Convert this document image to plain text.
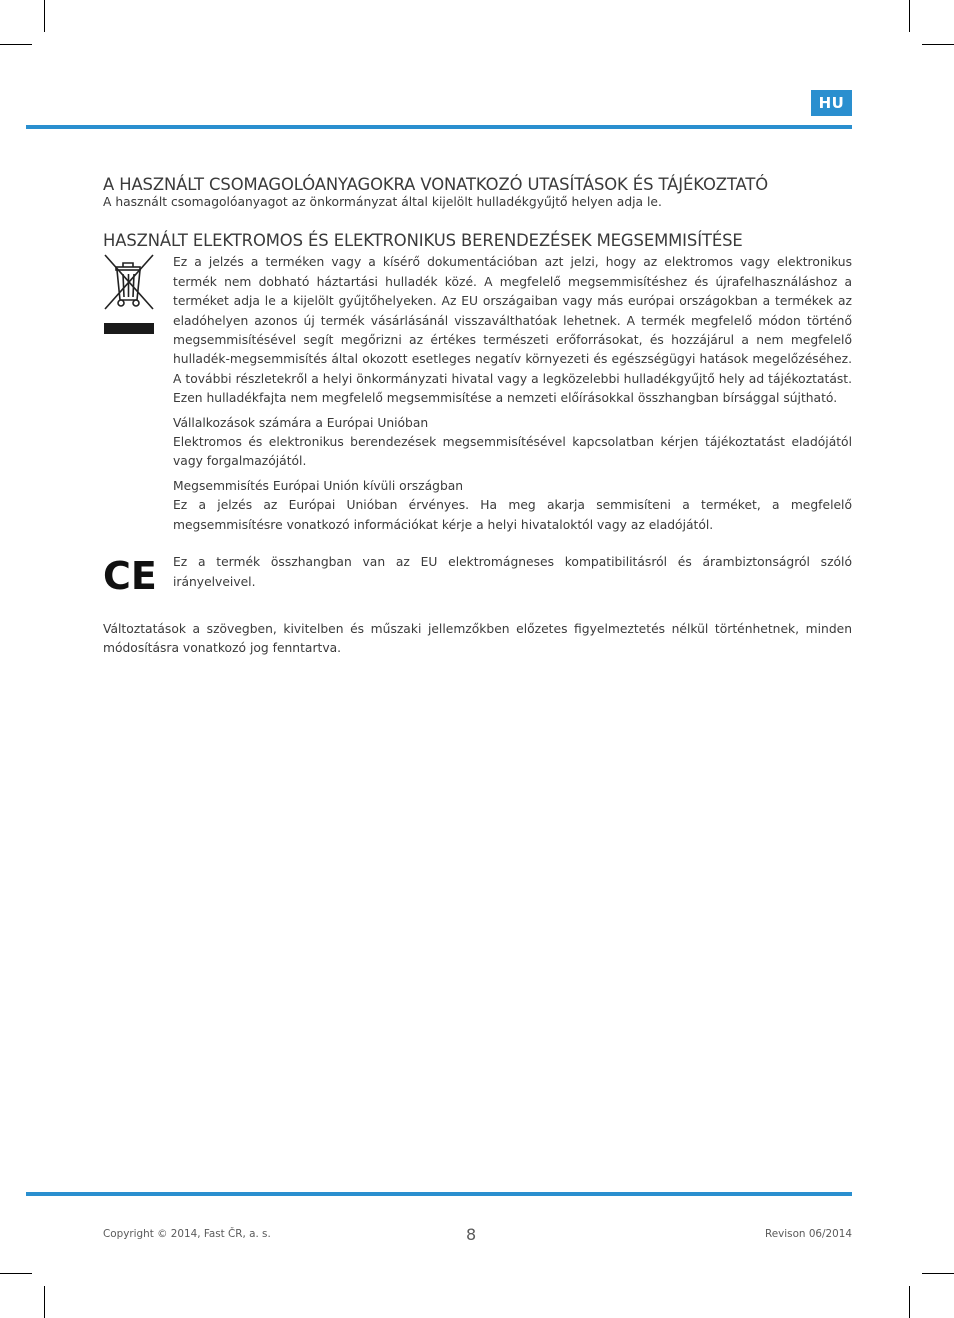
HU
A HASZNÁLT CSOMAGOLÓANYAGOKRA VONATKOZÓ UTASÍTÁSOK ÉS TÁJÉKOZTATÓ

A használt csomagolóanyagot az önkormányzat által kijelölt hulladékgyűjtő helyen adja le.

HASZNÁLT ELEKTROMOS ÉS ELEKTRONIKUS BERENDEZÉSEK MEGSEMMISÍTÉSE

Ez a jelzés a terméken vagy a kísérő dokumentációban azt jelzi, hogy az elektromos vagy elektronikus termék nem dobható háztartási hulladék közé. A megfelelő megsemmisítéshez és újrafelhasználáshoz a terméket adja le a kijelölt gyűjtőhelyeken. Az EU országaiban vagy más európai országokban a termékek az eladóhelyen azonos új termék vásárlásánál visszaválthatóak lehetnek. A termék megfelelő módon történő megsemmisítésével segít megőrizni az értékes természeti erőforrásokat, és hozzájárul a nem megfelelő hulladék-megsemmisítés által okozott esetleges negatív környezeti és egészségügyi hatások megelőzéséhez. A további részletekről a helyi önkormányzati hivatal vagy a legközelebbi hulladékgyűjtő hely ad tájékoztatást. Ezen hulladékfajta nem megfelelő megsemmisítése a nemzeti előírásokkal összhangban bírsággal sújtható.

Vállalkozások számára a Európai Unióban

Elektromos és elektronikus berendezések megsemmisítésével kapcsolatban kérjen tájékoztatást eladójától vagy forgalmazójától.

Megsemmisítés Európai Unión kívüli országban

Ez a jelzés az Európai Unióban érvényes. Ha meg akarja semmisíteni a terméket, a megfelelő megsemmisítésre vonatkozó információkat kérje a helyi hivataloktól vagy az eladójától.

CE Ez a termék összhangban van az EU elektromágneses kompatibilitásról és árambiztonságról szóló irányelveivel.

Változtatások a szövegben, kivitelben és műszaki jellemzőkben előzetes figyelmeztetés nélkül történhetnek, minden módosításra vonatkozó jog fenntartva.

Copyright © 2014, Fast ČR, a. s.	8	Revison 06/2014
